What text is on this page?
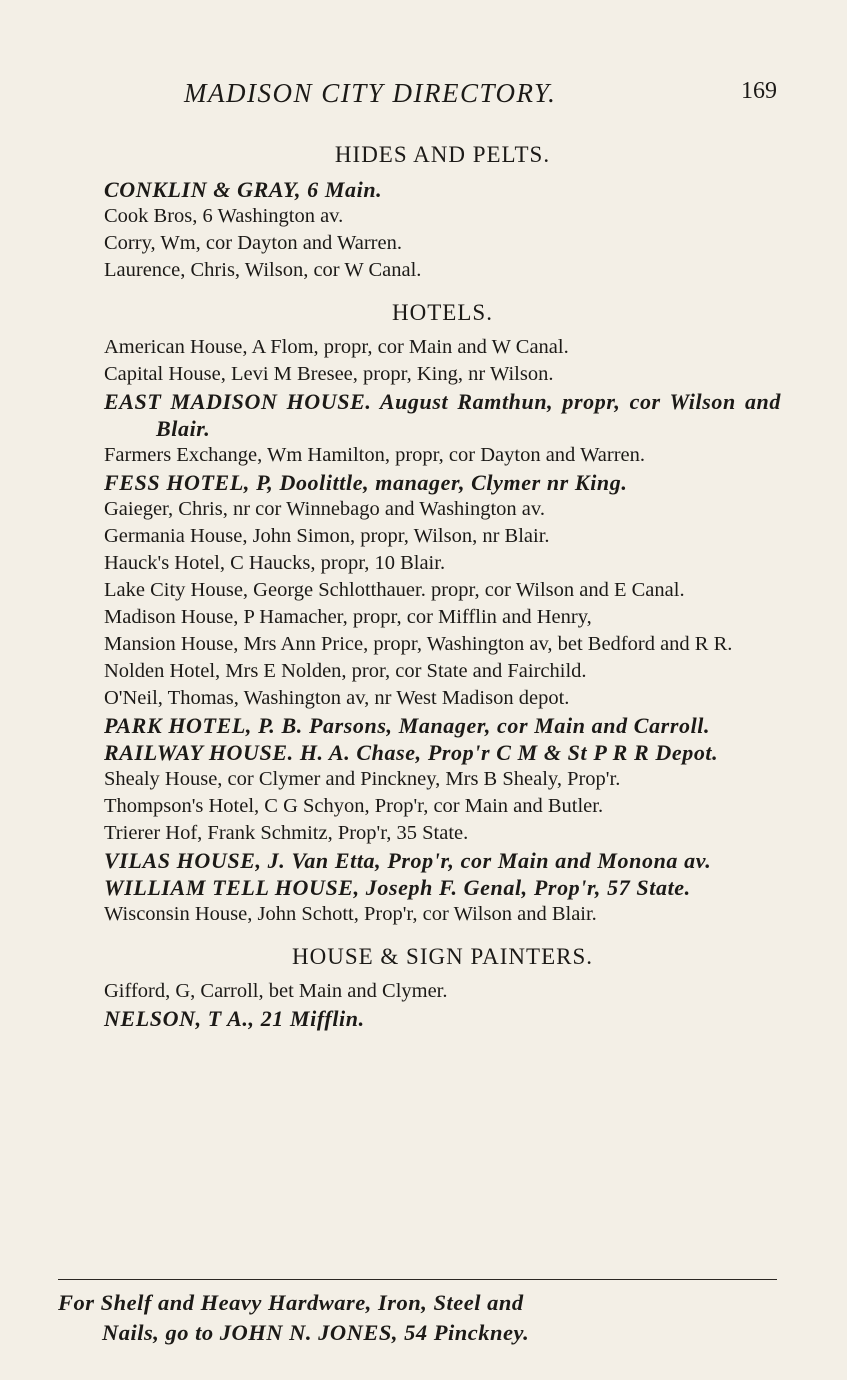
MADISON CITY DIRECTORY.	169
HIDES AND PELTS.
CONKLIN & GRAY, 6 Main.
Cook Bros, 6 Washington av.
Corry, Wm, cor Dayton and Warren.
Laurence, Chris, Wilson, cor W Canal.
HOTELS.
American House, A Flom, propr, cor Main and W Canal.
Capital House, Levi M Bresee, propr, King, nr Wilson.
EAST MADISON HOUSE. August Ramthun, propr, cor Wilson and Blair.
Farmers Exchange, Wm Hamilton, propr, cor Dayton and Warren.
FESS HOTEL, P, Doolittle, manager, Clymer nr King.
Gaieger, Chris, nr cor Winnebago and Washington av.
Germania House, John Simon, propr, Wilson, nr Blair.
Hauck's Hotel, C Haucks, propr, 10 Blair.
Lake City House, George Schlotthauer. propr, cor Wilson and E Canal.
Madison House, P Hamacher, propr, cor Mifflin and Henry,
Mansion House, Mrs Ann Price, propr, Washington av, bet Bedford and R R.
Nolden Hotel, Mrs E Nolden, pror, cor State and Fairchild.
O'Neil, Thomas, Washington av, nr West Madison depot.
PARK HOTEL, P. B. Parsons, Manager, cor Main and Carroll.
RAILWAY HOUSE. H. A. Chase, Prop'r C M & St P R R Depot.
Shealy House, cor Clymer and Pinckney, Mrs B Shealy, Prop'r.
Thompson's Hotel, C G Schyon, Prop'r, cor Main and Butler.
Trierer Hof, Frank Schmitz, Prop'r, 35 State.
VILAS HOUSE, J. Van Etta, Prop'r, cor Main and Monona av.
WILLIAM TELL HOUSE, Joseph F. Genal, Prop'r, 57 State.
Wisconsin House, John Schott, Prop'r, cor Wilson and Blair.
HOUSE & SIGN PAINTERS.
Gifford, G, Carroll, bet Main and Clymer.
NELSON, T A., 21 Mifflin.
For Shelf and Heavy Hardware, Iron, Steel and
Nails, go to JOHN N. JONES, 54 Pinckney.
